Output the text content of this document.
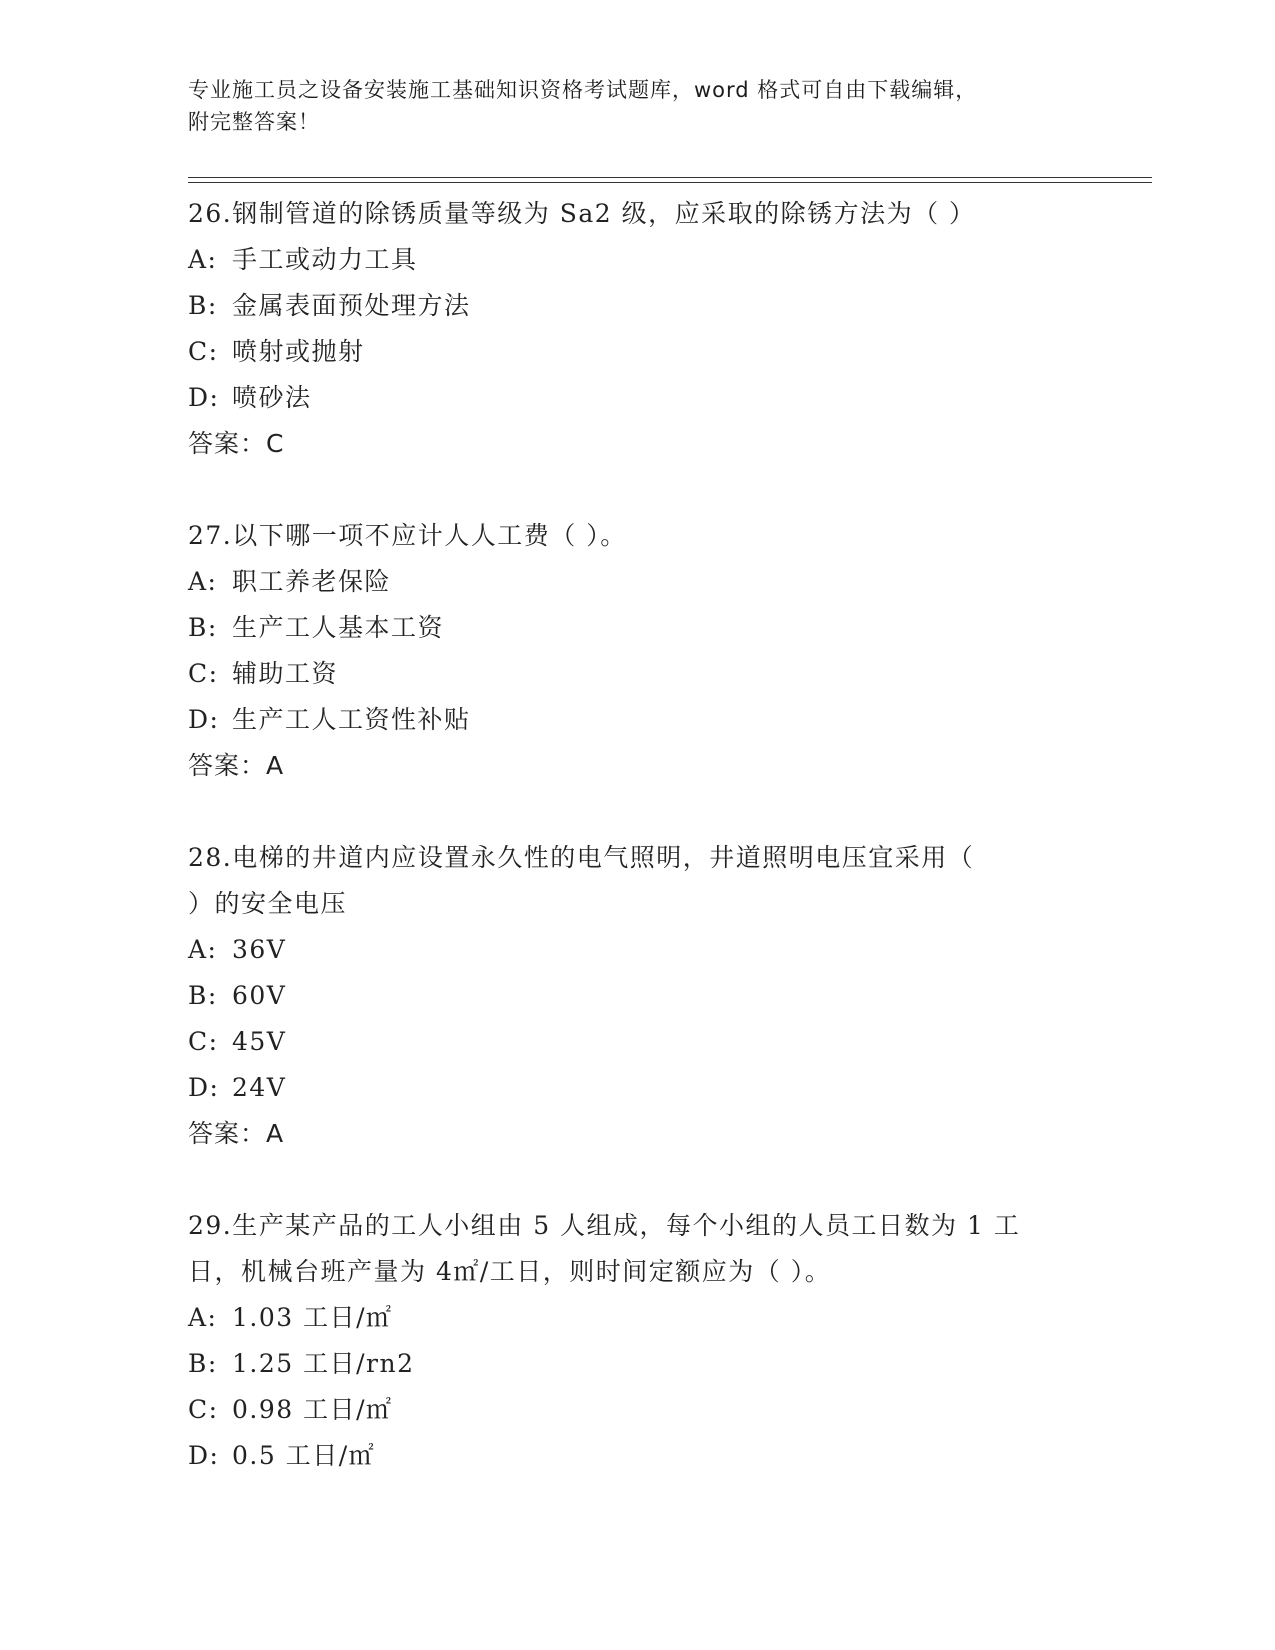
专业施工员之设备安装施工基础知识资格考试题库，word 格式可自由下载编辑，
附完整答案！
26.钢制管道的除锈质量等级为 Sa2 级，应采取的除锈方法为（ ）
A: 手工或动力工具
B: 金属表面预处理方法
C: 喷射或抛射
D: 喷砂法
答案：C
27.以下哪一项不应计人人工费（ ）。
A: 职工养老保险
B: 生产工人基本工资
C: 辅助工资
D: 生产工人工资性补贴
答案：A
28.电梯的井道内应设置永久性的电气照明，井道照明电压宜采用（
）的安全电压
A: 36V
B: 60V
C: 45V
D: 24V
答案：A
29.生产某产品的工人小组由 5 人组成，每个小组的人员工日数为 1 工
日，机械台班产量为 4㎡/工日，则时间定额应为（ ）。
A: 1.03 工日/㎡
B: 1.25 工日/rn2
C: 0.98 工日/㎡
D: 0.5 工日/㎡
